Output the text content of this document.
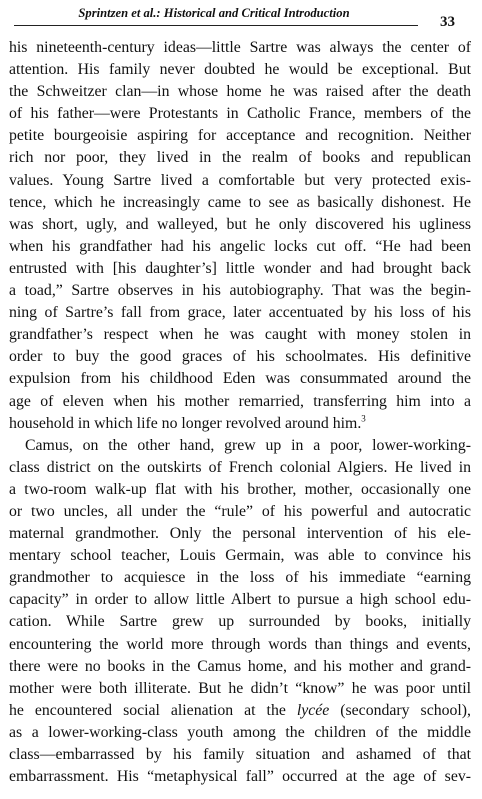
Sprintzen et al.: Historical and Critical Introduction
33
his nineteenth-century ideas—little Sartre was always the center of
attention. His family never doubted he would be exceptional. But
the Schweitzer clan—in whose home he was raised after the death
of his father—were Protestants in Catholic France, members of the
petite bourgeoisie aspiring for acceptance and recognition. Neither
rich nor poor, they lived in the realm of books and republican
values. Young Sartre lived a comfortable but very protected exis-
tence, which he increasingly came to see as basically dishonest. He
was short, ugly, and walleyed, but he only discovered his ugliness
when his grandfather had his angelic locks cut off. “He had been
entrusted with [his daughter’s] little wonder and had brought back
a toad,” Sartre observes in his autobiography. That was the begin-
ning of Sartre’s fall from grace, later accentuated by his loss of his
grandfather’s respect when he was caught with money stolen in
order to buy the good graces of his schoolmates. His definitive
expulsion from his childhood Eden was consummated around the
age of eleven when his mother remarried, transferring him into a
household in which life no longer revolved around him.$^3$
Camus, on the other hand, grew up in a poor, lower-working-
class district on the outskirts of French colonial Algiers. He lived in
a two-room walk-up flat with his brother, mother, occasionally one
or two uncles, all under the “rule” of his powerful and autocratic
maternal grandmother. Only the personal intervention of his ele-
mentary school teacher, Louis Germain, was able to convince his
grandmother to acquiesce in the loss of his immediate “earning
capacity” in order to allow little Albert to pursue a high school edu-
cation. While Sartre grew up surrounded by books, initially
encountering the world more through words than things and events,
there were no books in the Camus home, and his mother and grand-
mother were both illiterate. But he didn’t “know” he was poor until
he encountered social alienation at the lycée (secondary school),
as a lower-working-class youth among the children of the middle
class—embarrassed by his family situation and ashamed of that
embarrassment. His “metaphysical fall” occurred at the age of sev-
